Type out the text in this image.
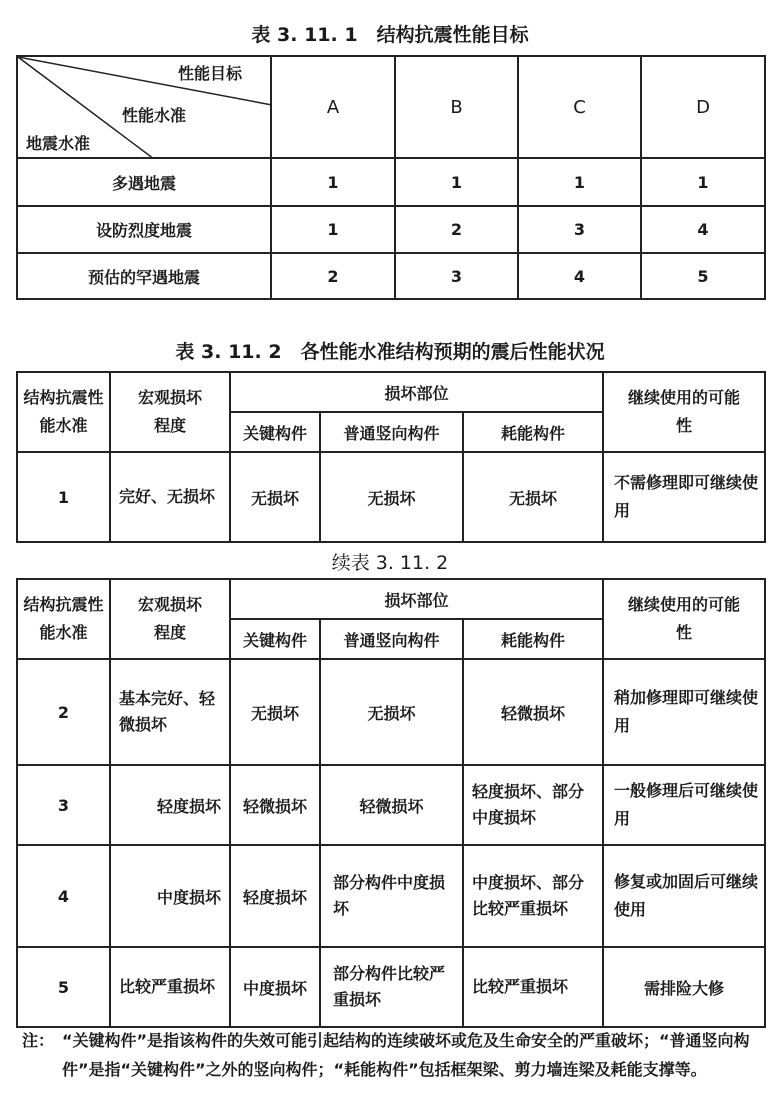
表 3. 11. 1　结构抗震性能目标
性能目标
性能水准
地震水准	A	B	C	D
多遇地震	1	1	1	1
设防烈度地震	1	2	3	4
预估的罕遇地震	2	3	4	5
表 3. 11. 2　各性能水准结构预期的震后性能状况
结构抗震性能水准	宏观损坏程度	损坏部位			继续使用的可能性
		关键构件	普通竖向构件	耗能构件	
1	完好、无损坏	无损坏	无损坏	无损坏	不需修理即可继续使用
续表 3. 11. 2
结构抗震性能水准	宏观损坏程度	损坏部位			继续使用的可能性
		关键构件	普通竖向构件	耗能构件	
2	基本完好、轻微损坏	无损坏	无损坏	轻微损坏	稍加修理即可继续使用
3	轻度损坏	轻微损坏	轻微损坏	轻度损坏、部分中度损坏	一般修理后可继续使用
4	中度损坏	轻度损坏	部分构件中度损坏	中度损坏、部分比较严重损坏	修复或加固后可继续使用
5	比较严重损坏	中度损坏	部分构件比较严重损坏	比较严重损坏	需排险大修
注： “关键构件”是指该构件的失效可能引起结构的连续破坏或危及生命安全的严重破坏；“普通竖向构件”是指“关键构件”之外的竖向构件；“耗能构件”包括框架梁、剪力墙连梁及耗能支撑等。
